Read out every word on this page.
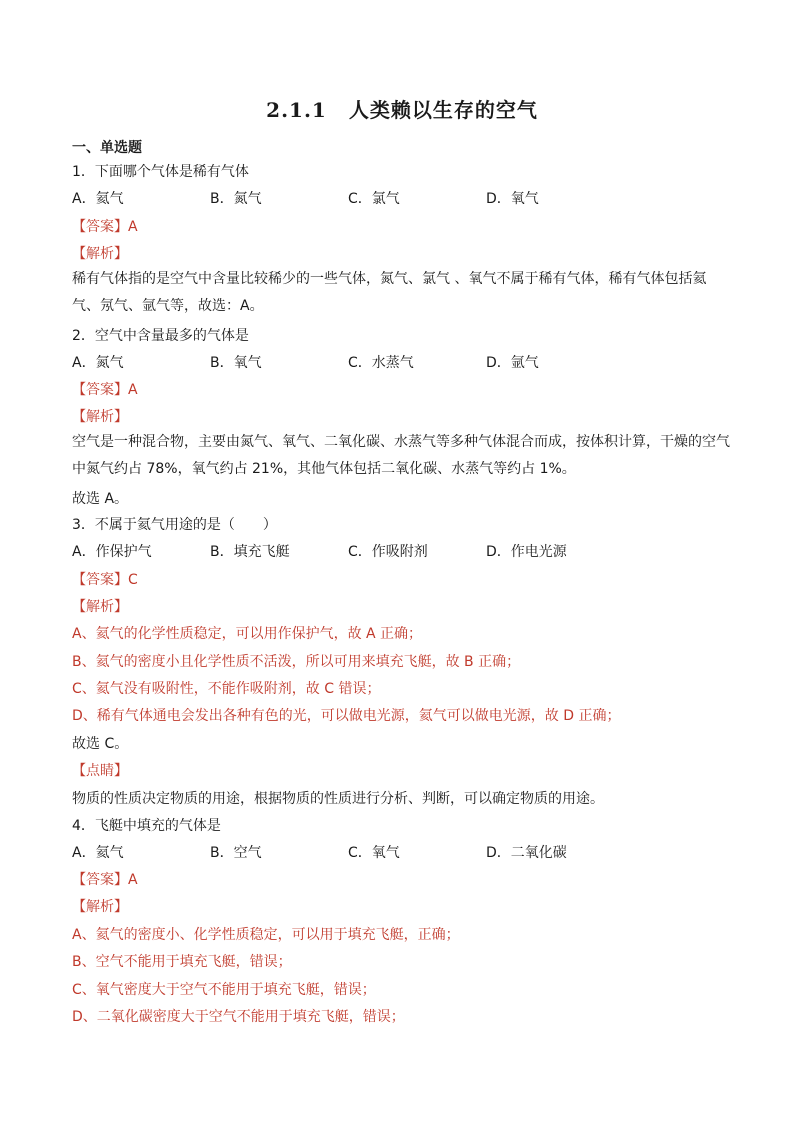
2.1.1 人类赖以生存的空气
一、单选题
1．下面哪个气体是稀有气体
A．氦气	B．氮气	C．氯气	D．氧气
【答案】A
【解析】
稀有气体指的是空气中含量比较稀少的一些气体，氮气、氯气 、氧气不属于稀有气体，稀有气体包括氦气、氖气、氩气等，故选：A。
2．空气中含量最多的气体是
A．氮气	B．氧气	C．水蒸气	D．氩气
【答案】A
【解析】
空气是一种混合物，主要由氮气、氧气、二氧化碳、水蒸气等多种气体混合而成，按体积计算，干燥的空气中氮气约占 78%，氧气约占 21%，其他气体包括二氧化碳、水蒸气等约占 1%。
故选 A。
3．不属于氦气用途的是（　　）
A．作保护气	B．填充飞艇	C．作吸附剂	D．作电光源
【答案】C
【解析】
A、氦气的化学性质稳定，可以用作保护气，故 A 正确；
B、氦气的密度小且化学性质不活泼，所以可用来填充飞艇，故 B 正确；
C、氦气没有吸附性，不能作吸附剂，故 C 错误；
D、稀有气体通电会发出各种有色的光，可以做电光源，氦气可以做电光源，故 D 正确；
故选 C。
【点睛】
物质的性质决定物质的用途，根据物质的性质进行分析、判断，可以确定物质的用途。
4．飞艇中填充的气体是
A．氦气	B．空气	C．氧气	D．二氧化碳
【答案】A
【解析】
A、氦气的密度小、化学性质稳定，可以用于填充飞艇，正确；
B、空气不能用于填充飞艇，错误；
C、氧气密度大于空气不能用于填充飞艇，错误；
D、二氧化碳密度大于空气不能用于填充飞艇，错误；
